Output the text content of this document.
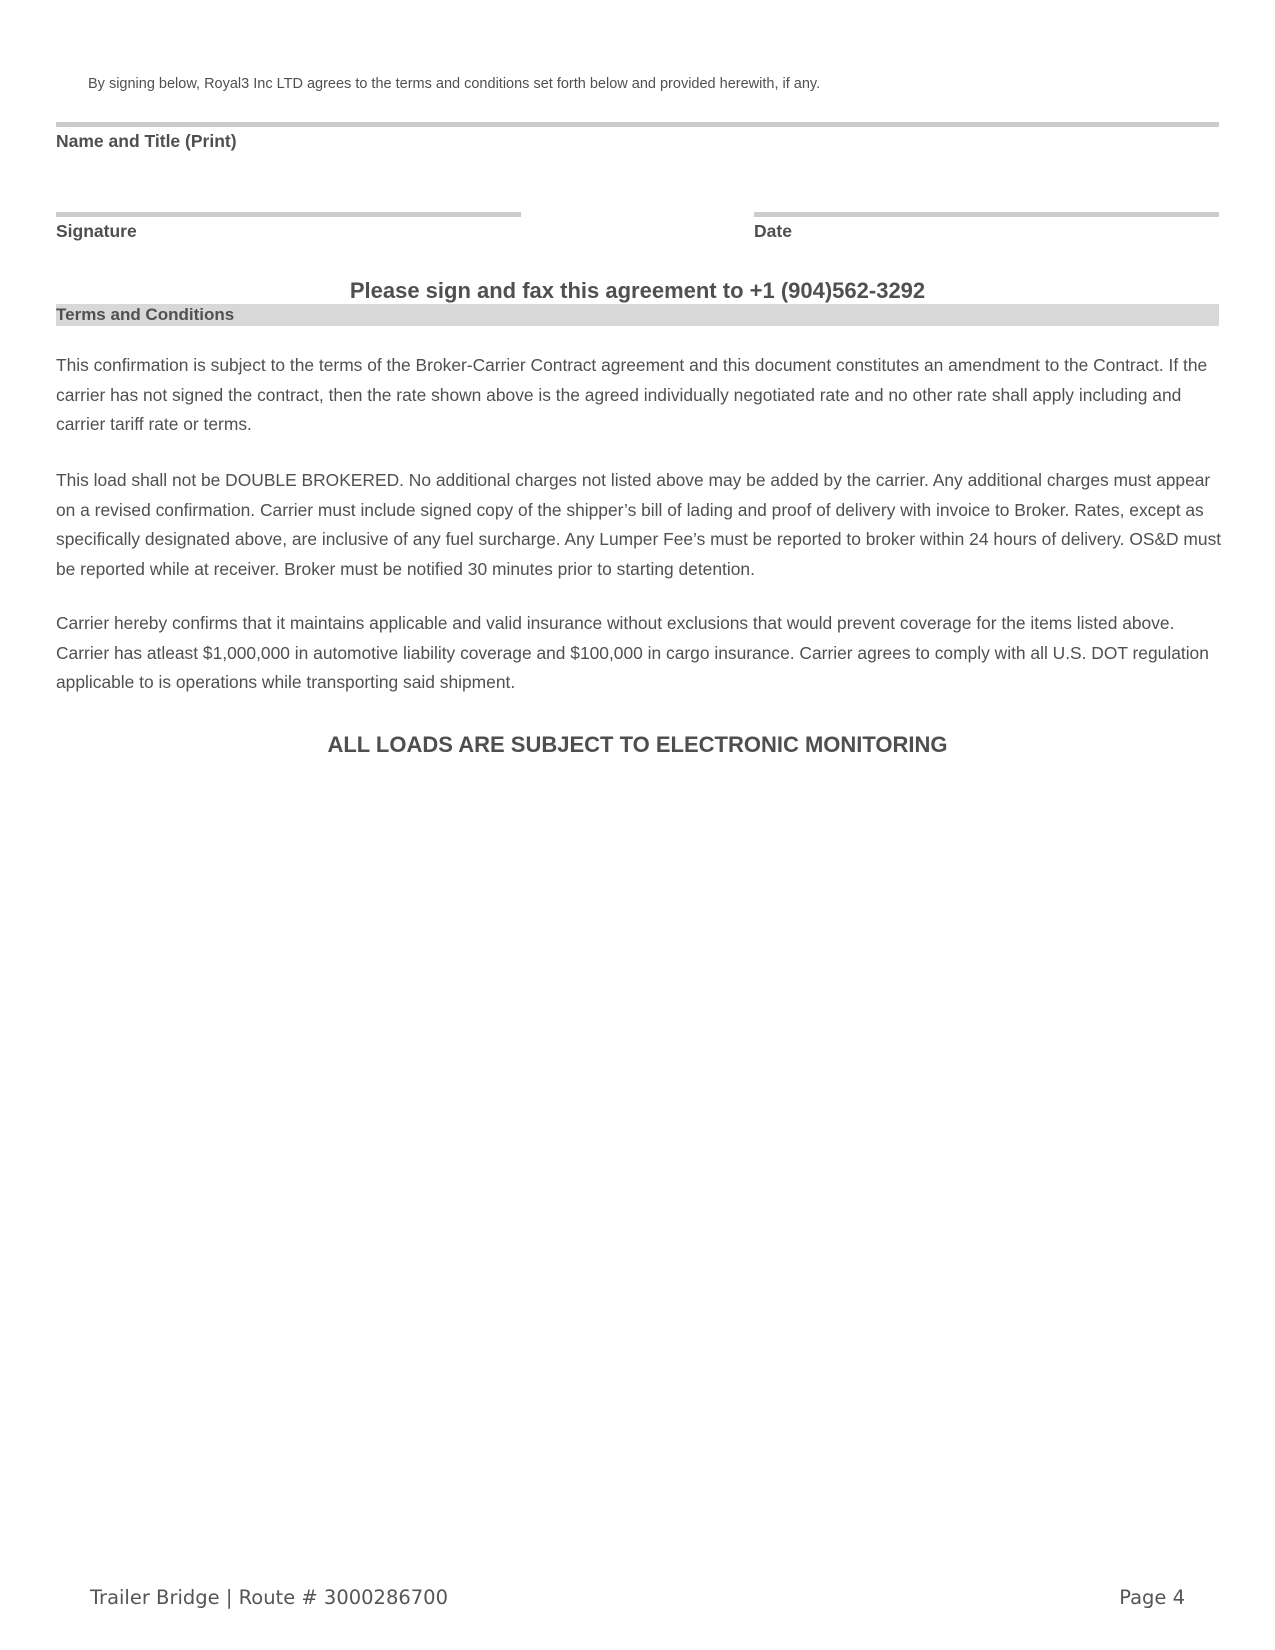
By signing below, Royal3 Inc LTD agrees to the terms and conditions set forth below and provided herewith, if any.
Name and Title (Print)
Signature	Date
Please sign and fax this agreement to +1 (904)562-3292
Terms and Conditions

This confirmation is subject to the terms of the Broker-Carrier Contract agreement and this document constitutes an amendment to the Contract. If the carrier has not signed the contract, then the rate shown above is the agreed individually negotiated rate and no other rate shall apply including and carrier tariff rate or terms.

This load shall not be DOUBLE BROKERED. No additional charges not listed above may be added by the carrier. Any additional charges must appear on a revised confirmation. Carrier must include signed copy of the shipper’s bill of lading and proof of delivery with invoice to Broker. Rates, except as specifically designated above, are inclusive of any fuel surcharge. Any Lumper Fee’s must be reported to broker within 24 hours of delivery. OS&D must be reported while at receiver. Broker must be notified 30 minutes prior to starting detention.

Carrier hereby confirms that it maintains applicable and valid insurance without exclusions that would prevent coverage for the items listed above. Carrier has atleast $1,000,000 in automotive liability coverage and $100,000 in cargo insurance. Carrier agrees to comply with all U.S. DOT regulation applicable to is operations while transporting said shipment.

ALL LOADS ARE SUBJECT TO ELECTRONIC MONITORING
Trailer Bridge | Route # 3000286700	Page 4
